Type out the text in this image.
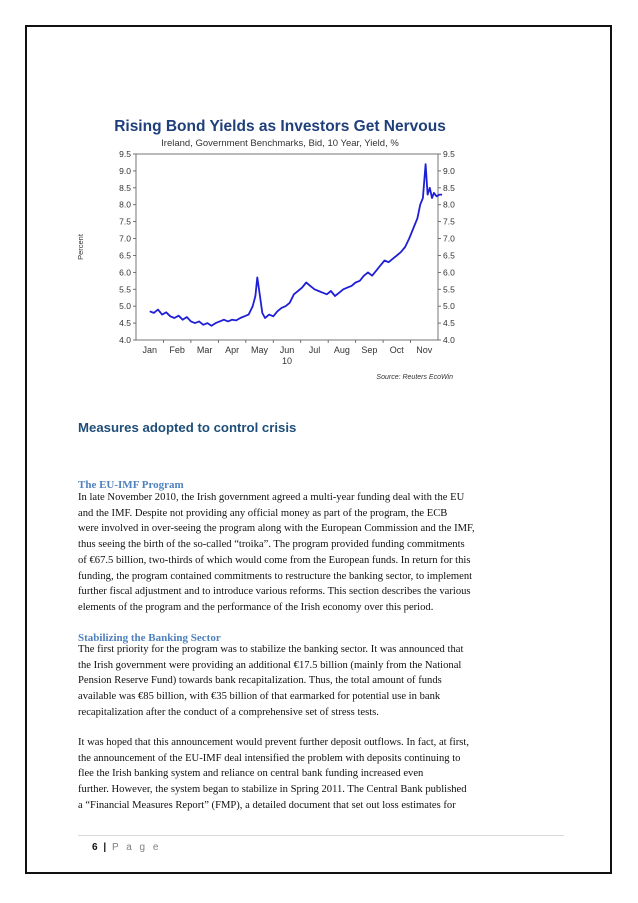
Rising Bond Yields as Investors Get Nervous
Ireland, Government Benchmarks, Bid, 10 Year, Yield, %
Percent
4.0
4.5
5.0
5.5
6.0
6.5
7.0
7.5
8.0
8.5
9.0
9.5
4.0
4.5
5.0
5.5
6.0
6.5
7.0
7.5
8.0
8.5
9.0
9.5
Jan Feb Mar Apr May Jun Jul Aug Sep Oct Nov
10
Source: Reuters EcoWin
Measures adopted to control crisis
The EU-IMF Program
In late November 2010, the Irish government agreed a multi-year funding deal with the EU
and the IMF. Despite not providing any official money as part of the program, the ECB
were involved in over-seeing the program along with the European Commission and the IMF,
thus seeing the birth of the so-called “troika”. The program provided funding commitments
of €67.5 billion, two-thirds of which would come from the European funds. In return for this
funding, the program contained commitments to restructure the banking sector, to implement
further fiscal adjustment and to introduce various reforms. This section describes the various
elements of the program and the performance of the Irish economy over this period.
Stabilizing the Banking Sector
The first priority for the program was to stabilize the banking sector. It was announced that
the Irish government were providing an additional €17.5 billion (mainly from the National
Pension Reserve Fund) towards bank recapitalization. Thus, the total amount of funds
available was €85 billion, with €35 billion of that earmarked for potential use in bank
recapitalization after the conduct of a comprehensive set of stress tests.
It was hoped that this announcement would prevent further deposit outflows. In fact, at first,
the announcement of the EU-IMF deal intensified the problem with deposits continuing to
flee the Irish banking system and reliance on central bank funding increased even
further. However, the system began to stabilize in Spring 2011. The Central Bank published
a “Financial Measures Report” (FMP), a detailed document that set out loss estimates for
6 | P a g e
